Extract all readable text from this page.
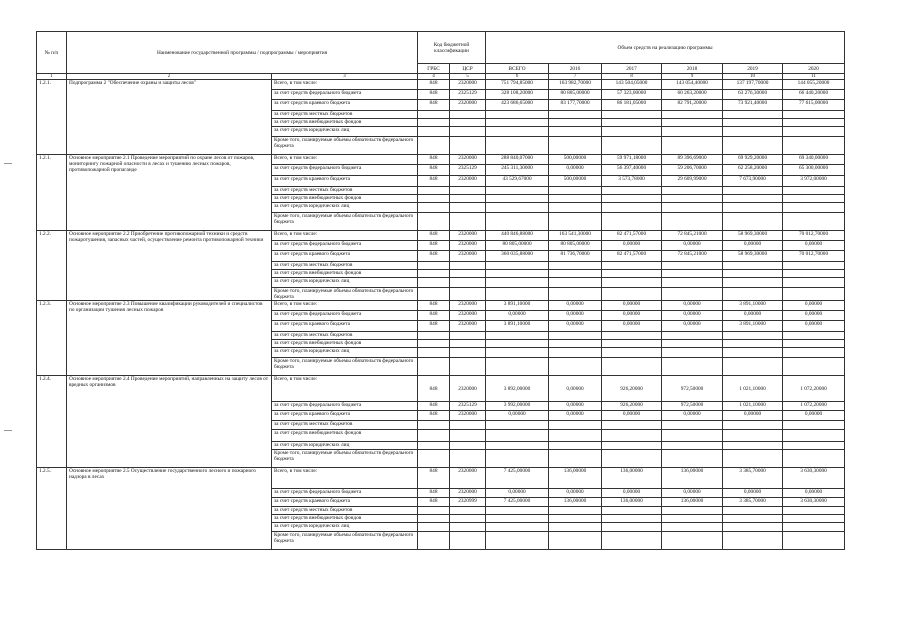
№ п/п	Наименование государственной программы / подпрограммы / мероприятия		Код бюджетной классификации		Объем средств на реализацию программы					
			ГРБС	ЦСР	ВСЕГО	2016	2017	2018	2019	2020
1	2	3	4	5	6	7	8	9	10	11
1.2.1.	Подпрограмма 2 "Обеспечение охраны и защиты лесов"	Всего, в том числе:	848	2320000	751 794,85000	163 982,70000	143 504,05000	143 054,40000	137 197,70000	144 055,20000
		за счет средств федерального бюджета	848	2325129	328 108,20000	80 805,00000	57 323,00000	60 263,20000	63 276,30000	66 440,20000
		за счет средств краевого бюджета	848	2320000	423 686,65000	83 177,70000	86 181,05000	82 791,20000	73 921,40000	77 615,00000
		за счет средств местных бюджетов								
		за счет средств внебюджетных фондов								
		за счет средств юридических лиц								
		Кроме того, планируемые объемы обязательств федерального бюджета								
1.2.1.	Основное мероприятие 2.1 Проведение мероприятий по охране лесов от пожаров, мониторингу пожарной опасности в лесах и тушению лесных пожаров, противопожарной пропаганде	Всего, в том числе:	848	2320000	288 840,07000	500,00000	59 971,18000	89 396,69000	69 929,20000	69 340,00000
		за счет средств федерального бюджета	848	2325129	245 311,30000	0,00000	56 397,40000	59 206,70000	62 258,20000	65 300,00000
		за счет средств краевого бюджета	848	2320000	43 529,67000	500,00000	3 573,78000	29 609,99000	7 673,90000	3 972,00000
		за счет средств местных бюджетов								
		за счет средств внебюджетных фондов								
		за счет средств юридических лиц								
		Кроме того, планируемые объемы обязательств федерального бюджета								
1.2.2.	Основное мероприятие 2.2 Приобретение противопожарной техники и средств пожаротушения, запасных частей, осуществление ремонта противопожарной техники	Всего, в том числе:	848	2320000	440 846,88000	163 541,30000	82 471,57000	72 845,21000	58 969,30000	70 012,70000
		за счет средств федерального бюджета	848	2320000	80 805,00000	80 805,00000	0,00000	0,00000	0,00000	0,00000
		за счет средств краевого бюджета	848	2320000	360 035,88000	81 736,70000	82 471,57000	72 845,21000	58 969,30000	70 012,70000
		за счет средств местных бюджетов								
		за счет средств внебюджетных фондов								
		за счет средств юридических лиц								
		Кроме того, планируемые объемы обязательств федерального бюджета								
1.2.3.	Основное мероприятие 2.3 Повышение квалификации руководителей и специалистов по организации тушения лесных пожаров	Всего, в том числе:	848	2320000	3 891,10000	0,00000	0,00000	0,00000	3 891,10000	0,00000
		за счет средств федерального бюджета	848	2320000	0,00000	0,00000	0,00000	0,00000	0,00000	0,00000
		за счет средств краевого бюджета	848	2320000	3 891,10000	0,00000	0,00000	0,00000	3 891,10000	0,00000
		за счет средств местных бюджетов								
		за счет средств внебюджетных фондов								
		за счет средств юридических лиц								
		Кроме того, планируемые объемы обязательств федерального бюджета								
1.2.4.	Основное мероприятие 2.4 Проведение мероприятий, направленных на защиту лесов от вредных организмов	Всего, в том числе:	848	2320000	3 892,00000	0,00000	926,20000	972,50000	1 021,10000	1 072,20000
		за счет средств федерального бюджета	848	2325129	3 992,00000	0,00000	926,20000	972,50000	1 021,10000	1 072,20000
		за счет средств краевого бюджета	848	2320000	0,00000	0,00000	0,00000	0,00000	0,00000	0,00000
		за счет средств местных бюджетов								
		за счет средств внебюджетных фондов								
		за счет средств юридических лиц								
		Кроме того, планируемые объемы обязательств федерального бюджета								
1.2.5.	Основное мероприятие 2.5 Осуществление государственного лесного и пожарного надзора в лесах	Всего, в том числе:	848	2320000	7 425,00000	136,00000	136,00000	136,00000	3 385,70000	3 630,30000
		за счет средств федерального бюджета	848	2320000	0,00000	0,00000	0,00000	0,00000	0,00000	0,00000
		за счет средств краевого бюджета	848	2320999	7 425,00000	136,00000	136,00000	136,00000	3 385,70000	3 630,30000
		за счет средств местных бюджетов								
		за счет средств внебюджетных фондов								
		за счет средств юридических лиц								
		Кроме того, планируемые объемы обязательств федерального бюджета								
